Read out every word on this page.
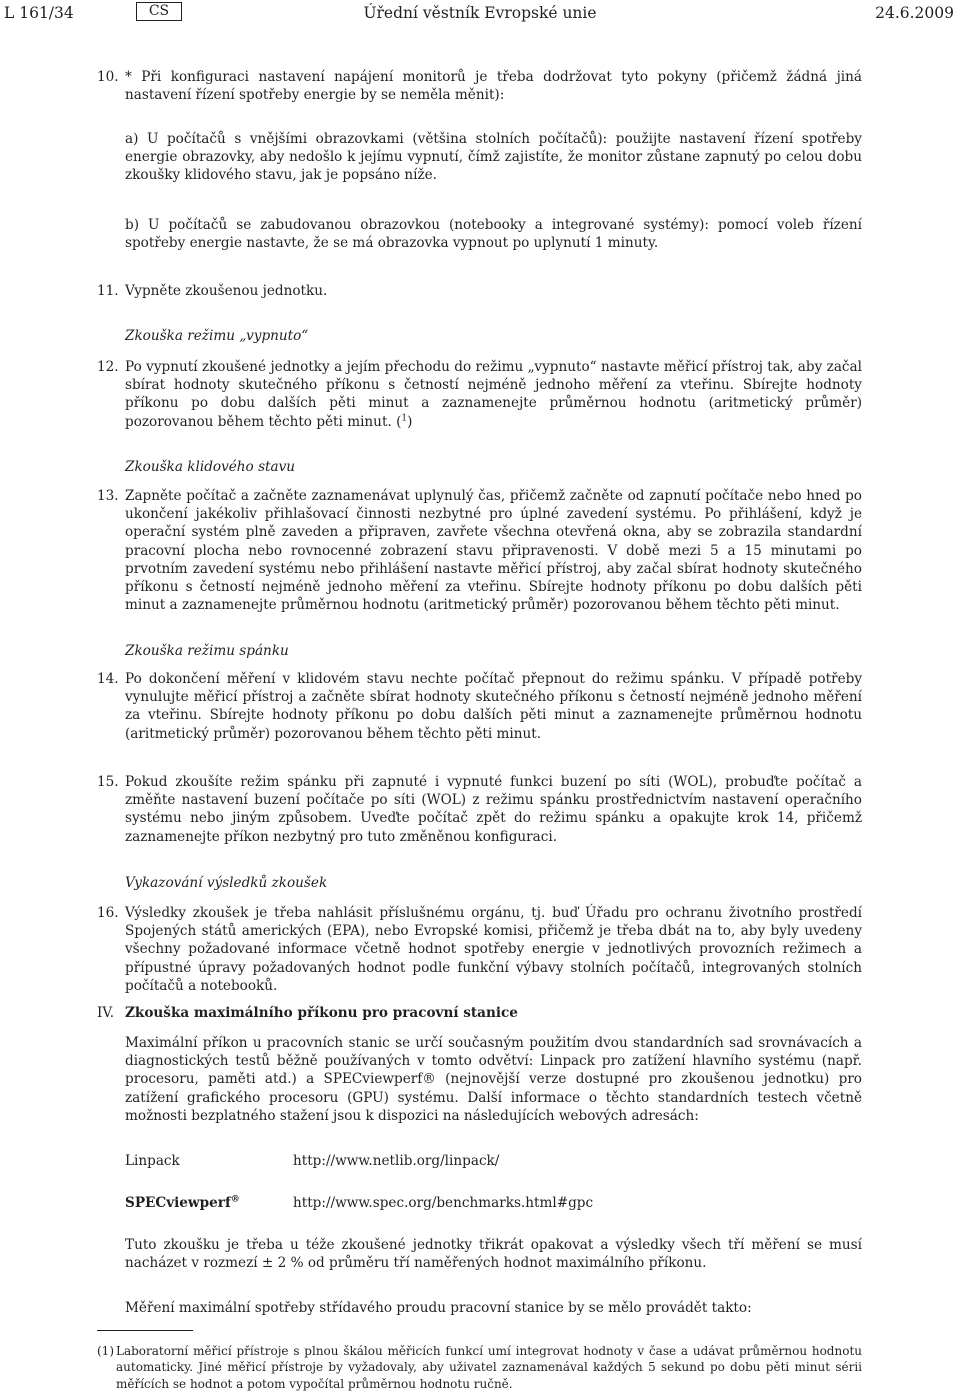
L 161/34	CS	Úřední věstník Evropské unie	24.6.2009
10. * Při konfiguraci nastavení napájení monitorů je třeba dodržovat tyto pokyny (přičemž žádná jiná nastavení řízení spotřeby energie by se neměla měnit):
a) U počítačů s vnějšími obrazovkami (většina stolních počítačů): použijte nastavení řízení spotřeby energie obrazovky, aby nedošlo k jejímu vypnutí, čímž zajistíte, že monitor zůstane zapnutý po celou dobu zkoušky klidového stavu, jak je popsáno níže.
b) U počítačů se zabudovanou obrazovkou (notebooky a integrované systémy): pomocí voleb řízení spotřeby energie nastavte, že se má obrazovka vypnout po uplynutí 1 minuty.
11. Vypněte zkoušenou jednotku.
Zkouška režimu „vypnuto“
12. Po vypnutí zkoušené jednotky a jejím přechodu do režimu „vypnuto“ nastavte měřicí přístroj tak, aby začal sbírat hodnoty skutečného příkonu s četností nejméně jednoho měření za vteřinu. Sbírejte hodnoty příkonu po dobu dalších pěti minut a zaznamenejte průměrnou hodnotu (aritmetický průměr) pozorovanou během těchto pěti minut. ($^1$)
Zkouška klidového stavu
13. Zapněte počítač a začněte zaznamenávat uplynulý čas, přičemž začněte od zapnutí počítače nebo hned po ukončení jakékoliv přihlašovací činnosti nezbytné pro úplné zavedení systému. Po přihlášení, když je operační systém plně zaveden a připraven, zavřete všechna otevřená okna, aby se zobrazila standardní pracovní plocha nebo rovnocenné zobrazení stavu připravenosti. V době mezi 5 a 15 minutami po prvotním zavedení systému nebo přihlášení nastavte měřicí přístroj, aby začal sbírat hodnoty skutečného příkonu s četností nejméně jednoho měření za vteřinu. Sbírejte hodnoty příkonu po dobu dalších pěti minut a zaznamenejte průměrnou hodnotu (aritmetický průměr) pozorovanou během těchto pěti minut.
Zkouška režimu spánku
14. Po dokončení měření v klidovém stavu nechte počítač přepnout do režimu spánku. V případě potřeby vynulujte měřicí přístroj a začněte sbírat hodnoty skutečného příkonu s četností nejméně jednoho měření za vteřinu. Sbírejte hodnoty příkonu po dobu dalších pěti minut a zaznamenejte průměrnou hodnotu (aritmetický průměr) pozorovanou během těchto pěti minut.
15. Pokud zkoušíte režim spánku při zapnuté i vypnuté funkci buzení po síti (WOL), probuďte počítač a změňte nastavení buzení počítače po síti (WOL) z režimu spánku prostřednictvím nastavení operačního systému nebo jiným způsobem. Uveďte počítač zpět do režimu spánku a opakujte krok 14, přičemž zaznamenejte příkon nezbytný pro tuto změněnou konfiguraci.
Vykazování výsledků zkoušek
16. Výsledky zkoušek je třeba nahlásit příslušnému orgánu, tj. buď Úřadu pro ochranu životního prostředí Spojených států amerických (EPA), nebo Evropské komisi, přičemž je třeba dbát na to, aby byly uvedeny všechny požadované informace včetně hodnot spotřeby energie v jednotlivých provozních režimech a přípustné úpravy požadovaných hodnot podle funkční výbavy stolních počítačů, integrovaných stolních počítačů a notebooků.
IV. Zkouška maximálního příkonu pro pracovní stanice
Maximální příkon u pracovních stanic se určí současným použitím dvou standardních sad srovnávacích a diagnostických testů běžně používaných v tomto odvětví: Linpack pro zatížení hlavního systému (např. procesoru, paměti atd.) a SPECviewperf® (nejnovější verze dostupné pro zkoušenou jednotku) pro zatížení grafického procesoru (GPU) systému. Další informace o těchto standardních testech včetně možnosti bezplatného stažení jsou k dispozici na následujících webových adresách:
Linpack	http://www.netlib.org/linpack/
SPECviewperf®	http://www.spec.org/benchmarks.html#gpc
Tuto zkoušku je třeba u téže zkoušené jednotky třikrát opakovat a výsledky všech tří měření se musí nacházet v rozmezí ± 2 % od průměru tří naměřených hodnot maximálního příkonu.
Měření maximální spotřeby střídavého proudu pracovní stanice by se mělo provádět takto:
(1) Laboratorní měřicí přístroje s plnou škálou měřicích funkcí umí integrovat hodnoty v čase a udávat průměrnou hodnotu automaticky. Jiné měřicí přístroje by vyžadovaly, aby uživatel zaznamenával každých 5 sekund po dobu pěti minut sérii měřících se hodnot a potom vypočítal průměrnou hodnotu ručně.
